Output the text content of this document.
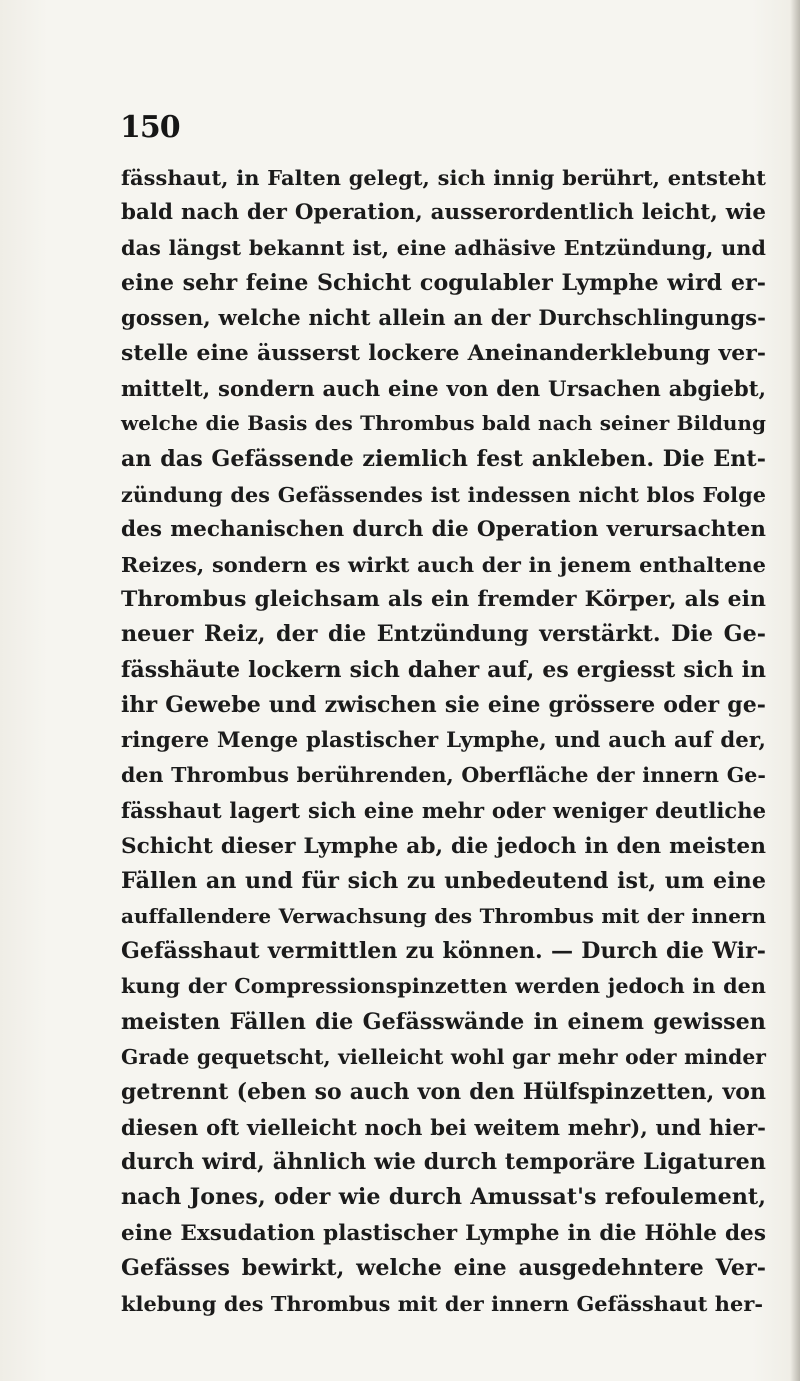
150
fässhaut, in Falten gelegt, sich innig berührt, entsteht
bald nach der Operation, ausserordentlich leicht, wie
das längst bekannt ist, eine adhäsive Entzündung, und
eine sehr feine Schicht cogulabler Lymphe wird er-
gossen, welche nicht allein an der Durchschlingungs-
stelle eine äusserst lockere Aneinanderklebung ver-
mittelt, sondern auch eine von den Ursachen abgiebt,
welche die Basis des Thrombus bald nach seiner Bildung
an das Gefässende ziemlich fest ankleben. Die Ent-
zündung des Gefässendes ist indessen nicht blos Folge
des mechanischen durch die Operation verursachten
Reizes, sondern es wirkt auch der in jenem enthaltene
Thrombus gleichsam als ein fremder Körper, als ein
neuer Reiz, der die Entzündung verstärkt. Die Ge-
fässhäute lockern sich daher auf, es ergiesst sich in
ihr Gewebe und zwischen sie eine grössere oder ge-
ringere Menge plastischer Lymphe, und auch auf der,
den Thrombus berührenden, Oberfläche der innern Ge-
fässhaut lagert sich eine mehr oder weniger deutliche
Schicht dieser Lymphe ab, die jedoch in den meisten
Fällen an und für sich zu unbedeutend ist, um eine
auffallendere Verwachsung des Thrombus mit der innern
Gefässhaut vermittlen zu können. — Durch die Wir-
kung der Compressionspinzetten werden jedoch in den
meisten Fällen die Gefässwände in einem gewissen
Grade gequetscht, vielleicht wohl gar mehr oder minder
getrennt (eben so auch von den Hülfspinzetten, von
diesen oft vielleicht noch bei weitem mehr), und hier-
durch wird, ähnlich wie durch temporäre Ligaturen
nach Jones, oder wie durch Amussat's refoulement,
eine Exsudation plastischer Lymphe in die Höhle des
Gefässes bewirkt, welche eine ausgedehntere Ver-
klebung des Thrombus mit der innern Gefässhaut her-
